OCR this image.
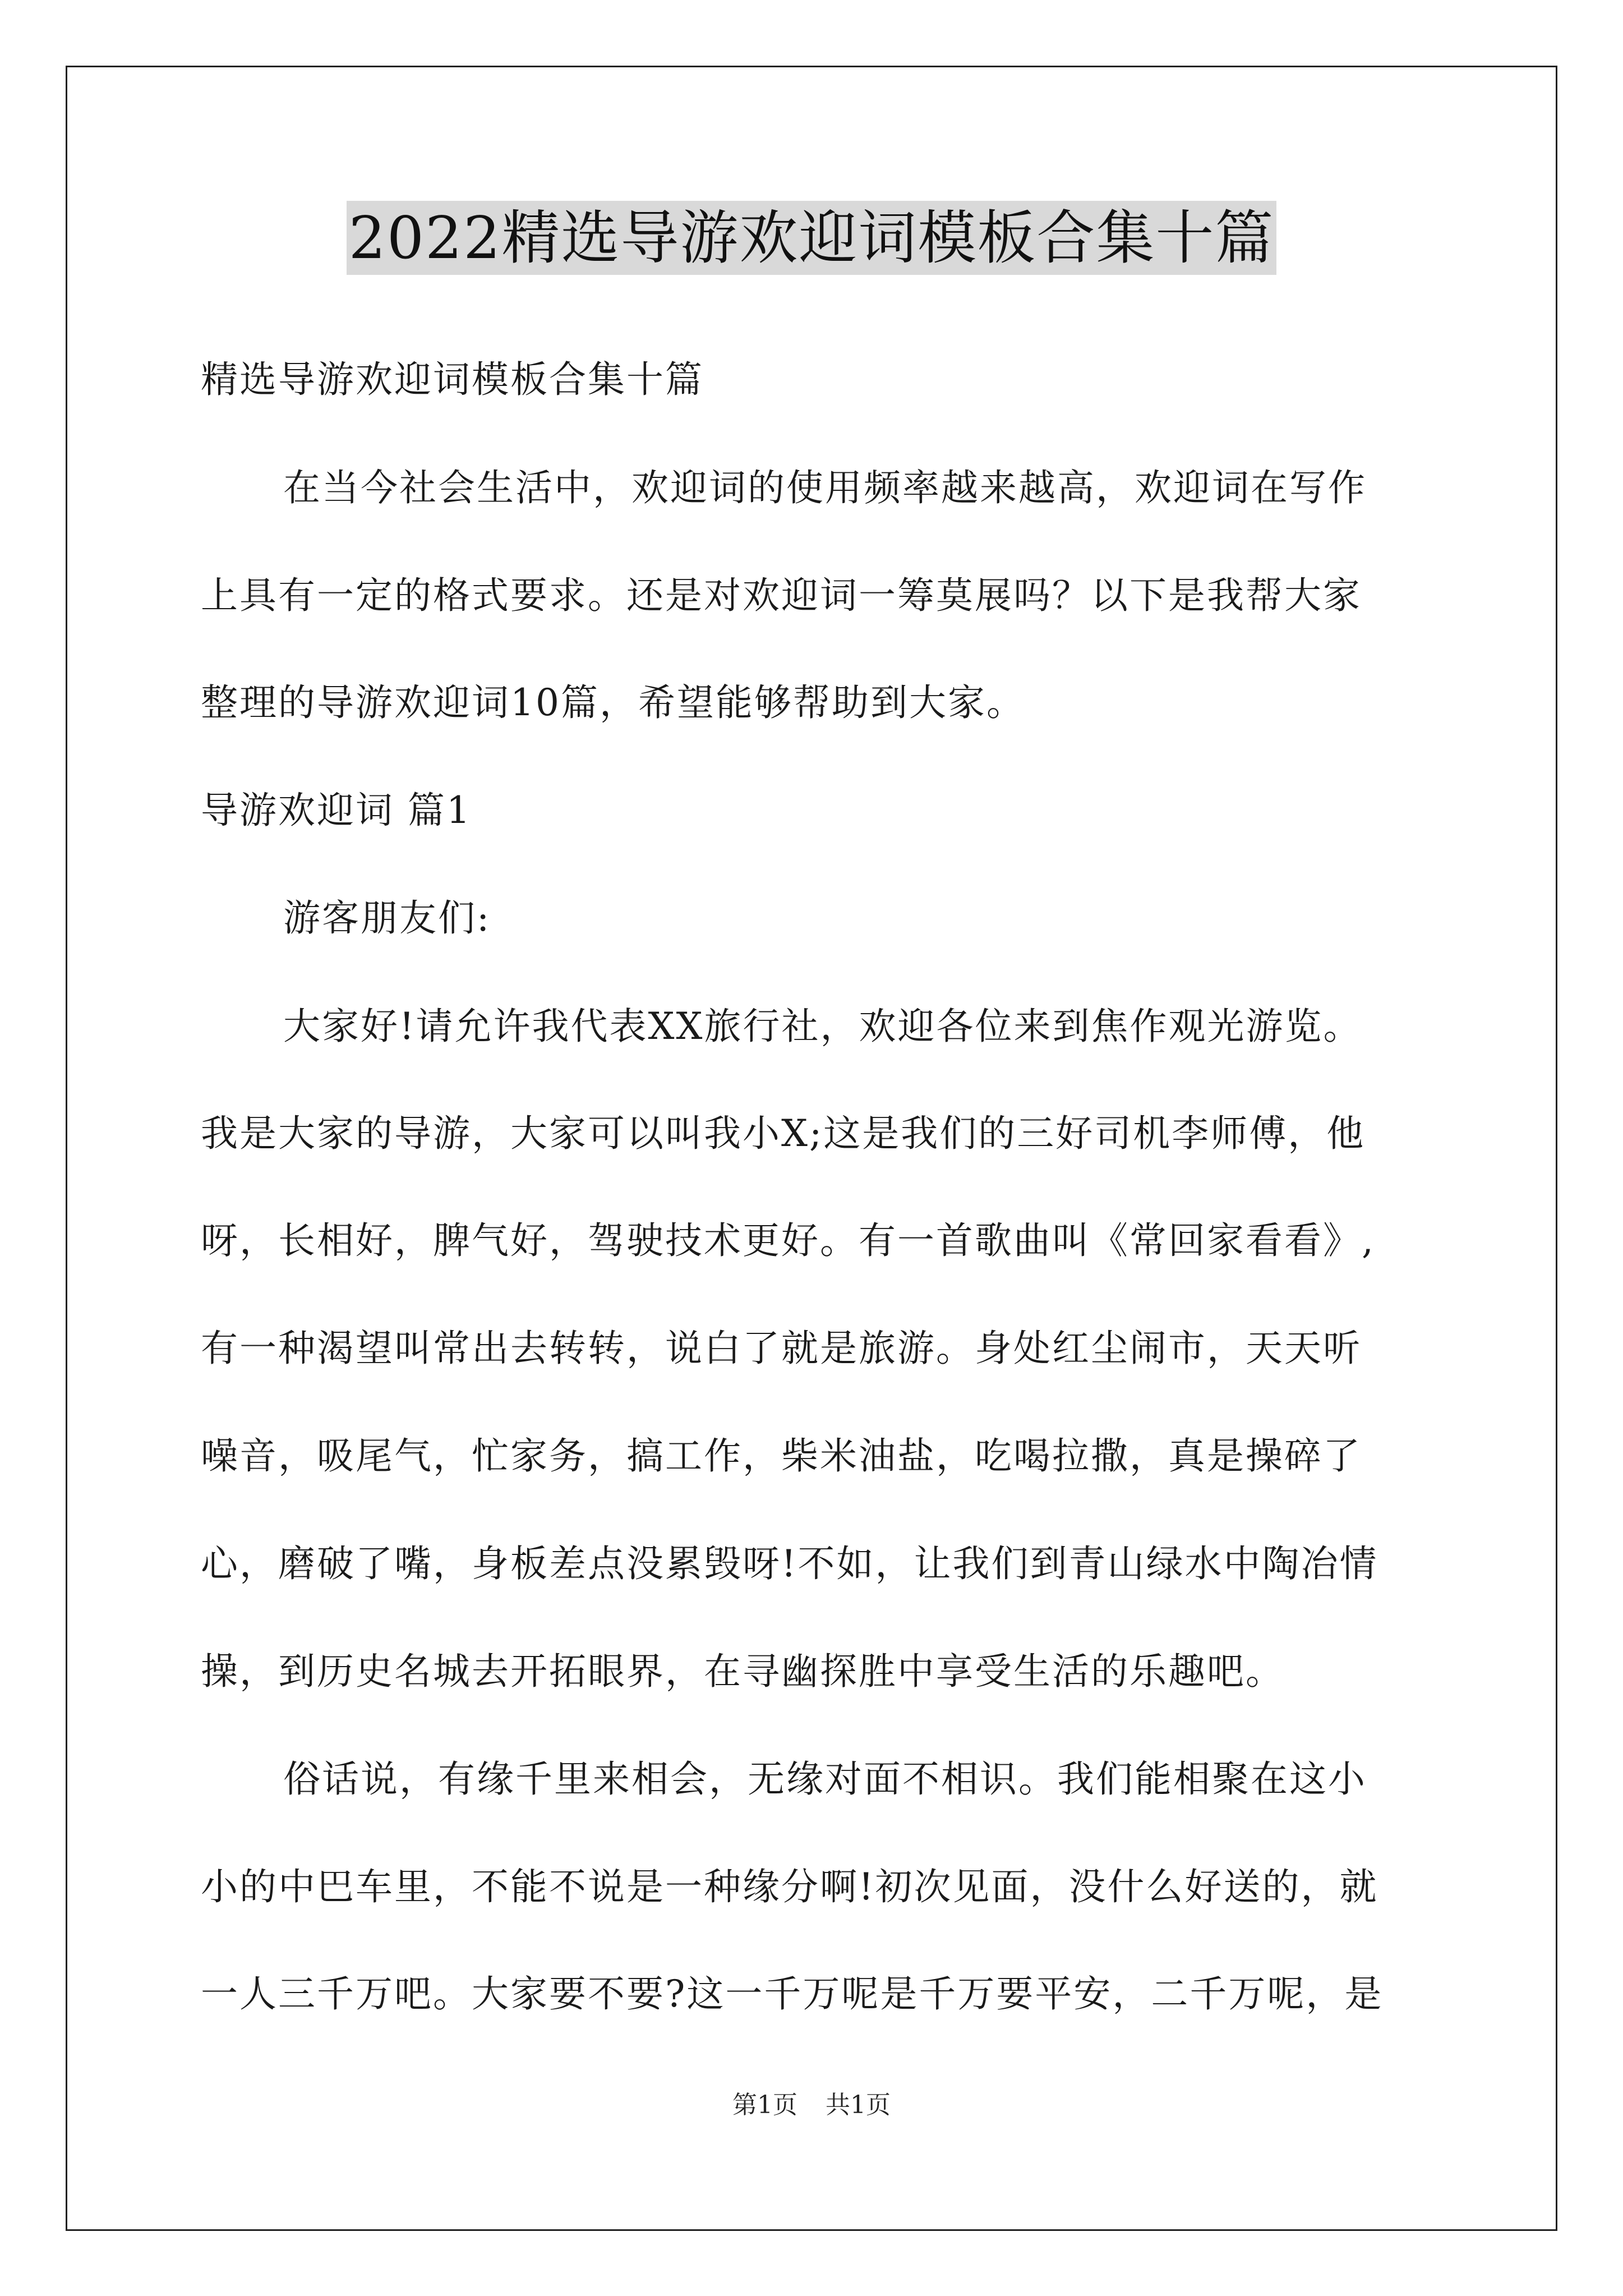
2022精选导游欢迎词模板合集十篇
精选导游欢迎词模板合集十篇
在当今社会生活中，欢迎词的使用频率越来越高，欢迎词在写作
上具有一定的格式要求。还是对欢迎词一筹莫展吗？以下是我帮大家
整理的导游欢迎词10篇，希望能够帮助到大家。
导游欢迎词 篇1
游客朋友们:
大家好!请允许我代表XX旅行社，欢迎各位来到焦作观光游览。
我是大家的导游，大家可以叫我小X;这是我们的三好司机李师傅，他
呀，长相好，脾气好，驾驶技术更好。有一首歌曲叫《常回家看看》,
有一种渴望叫常出去转转，说白了就是旅游。身处红尘闹市，天天听
噪音，吸尾气，忙家务，搞工作，柴米油盐，吃喝拉撒，真是操碎了
心，磨破了嘴，身板差点没累毁呀!不如，让我们到青山绿水中陶冶情
操，到历史名城去开拓眼界，在寻幽探胜中享受生活的乐趣吧。
俗话说，有缘千里来相会，无缘对面不相识。我们能相聚在这小
小的中巴车里，不能不说是一种缘分啊!初次见面，没什么好送的，就
一人三千万吧。大家要不要?这一千万呢是千万要平安，二千万呢，是
第1页 共1页
